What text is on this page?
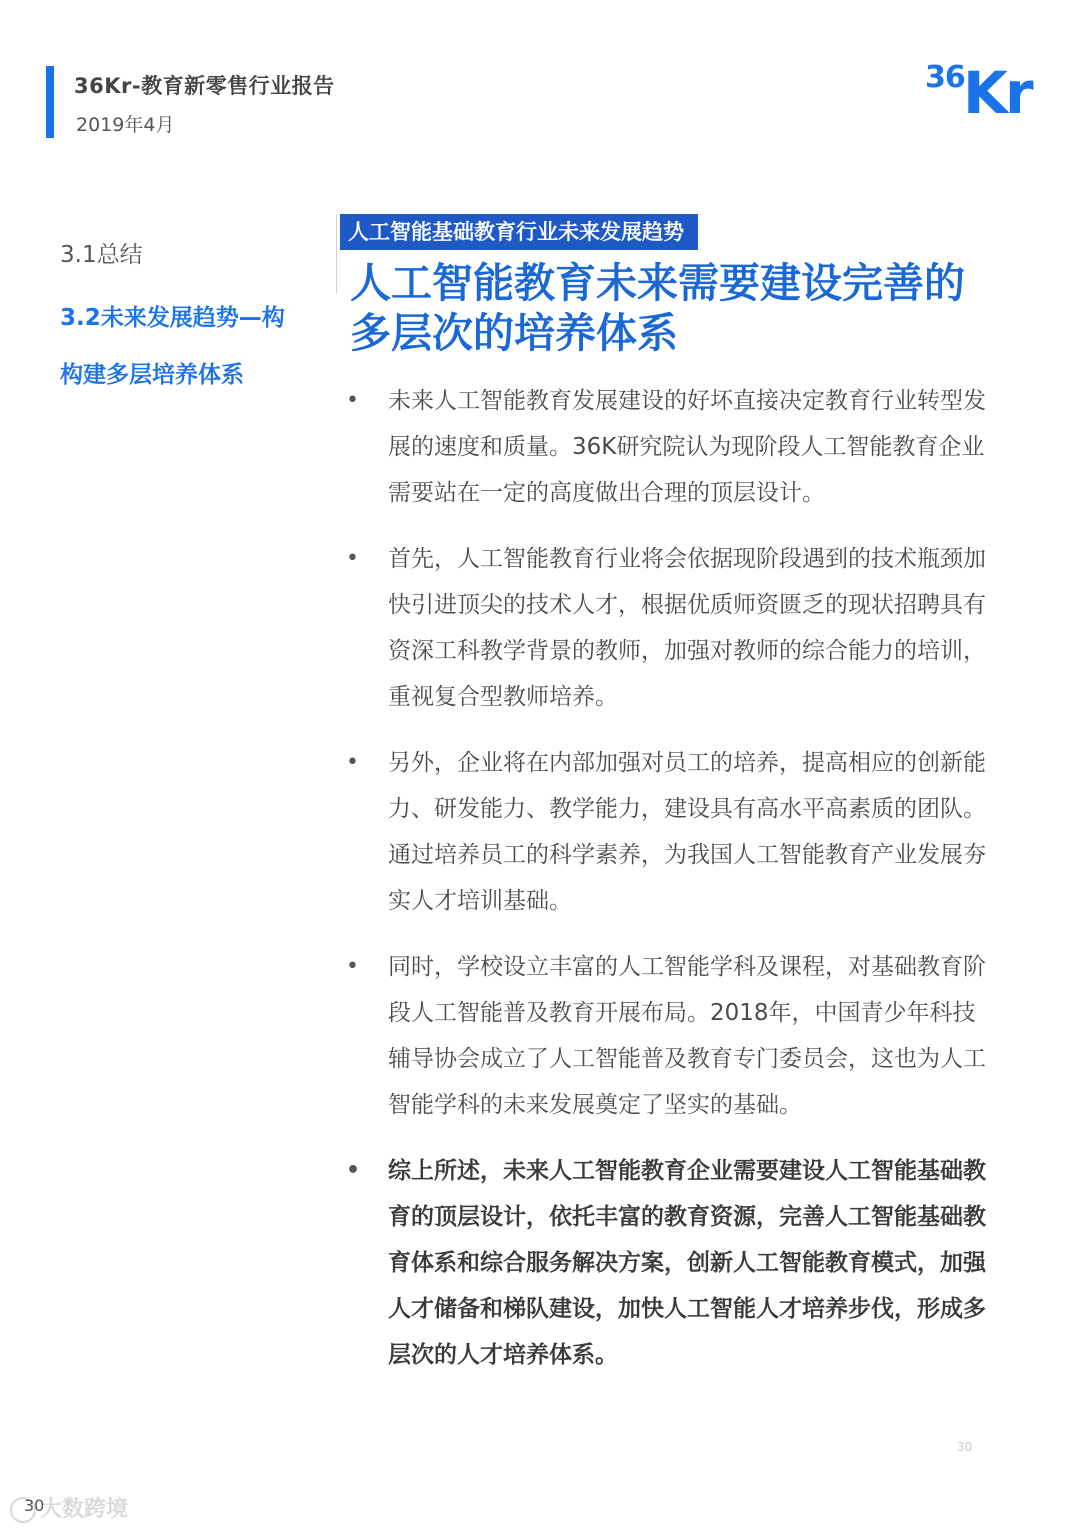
36Kr-教育新零售行业报告
2019年4月
36
Kr
3.1总结
3.2未来发展趋势—构构建多层培养体系
人工智能基础教育行业未来发展趋势
人工智能教育未来需要建设完善的多层次的培养体系
• 未来人工智能教育发展建设的好坏直接决定教育行业转型发展的速度和质量。36K研究院认为现阶段人工智能教育企业需要站在一定的高度做出合理的顶层设计。
• 首先，人工智能教育行业将会依据现阶段遇到的技术瓶颈加快引进顶尖的技术人才，根据优质师资匮乏的现状招聘具有资深工科教学背景的教师，加强对教师的综合能力的培训，重视复合型教师培养。
• 另外，企业将在内部加强对员工的培养，提高相应的创新能力、研发能力、教学能力，建设具有高水平高素质的团队。通过培养员工的科学素养，为我国人工智能教育产业发展夯实人才培训基础。
• 同时，学校设立丰富的人工智能学科及课程，对基础教育阶段人工智能普及教育开展布局。2018年，中国青少年科技辅导协会成立了人工智能普及教育专门委员会，这也为人工智能学科的未来发展奠定了坚实的基础。
• 综上所述，未来人工智能教育企业需要建设人工智能基础教育的顶层设计，依托丰富的教育资源，完善人工智能基础教育体系和综合服务解决方案，创新人工智能教育模式，加强人才储备和梯队建设，加快人工智能人才培养步伐，形成多层次的人才培养体系。
30
大数跨境
30
